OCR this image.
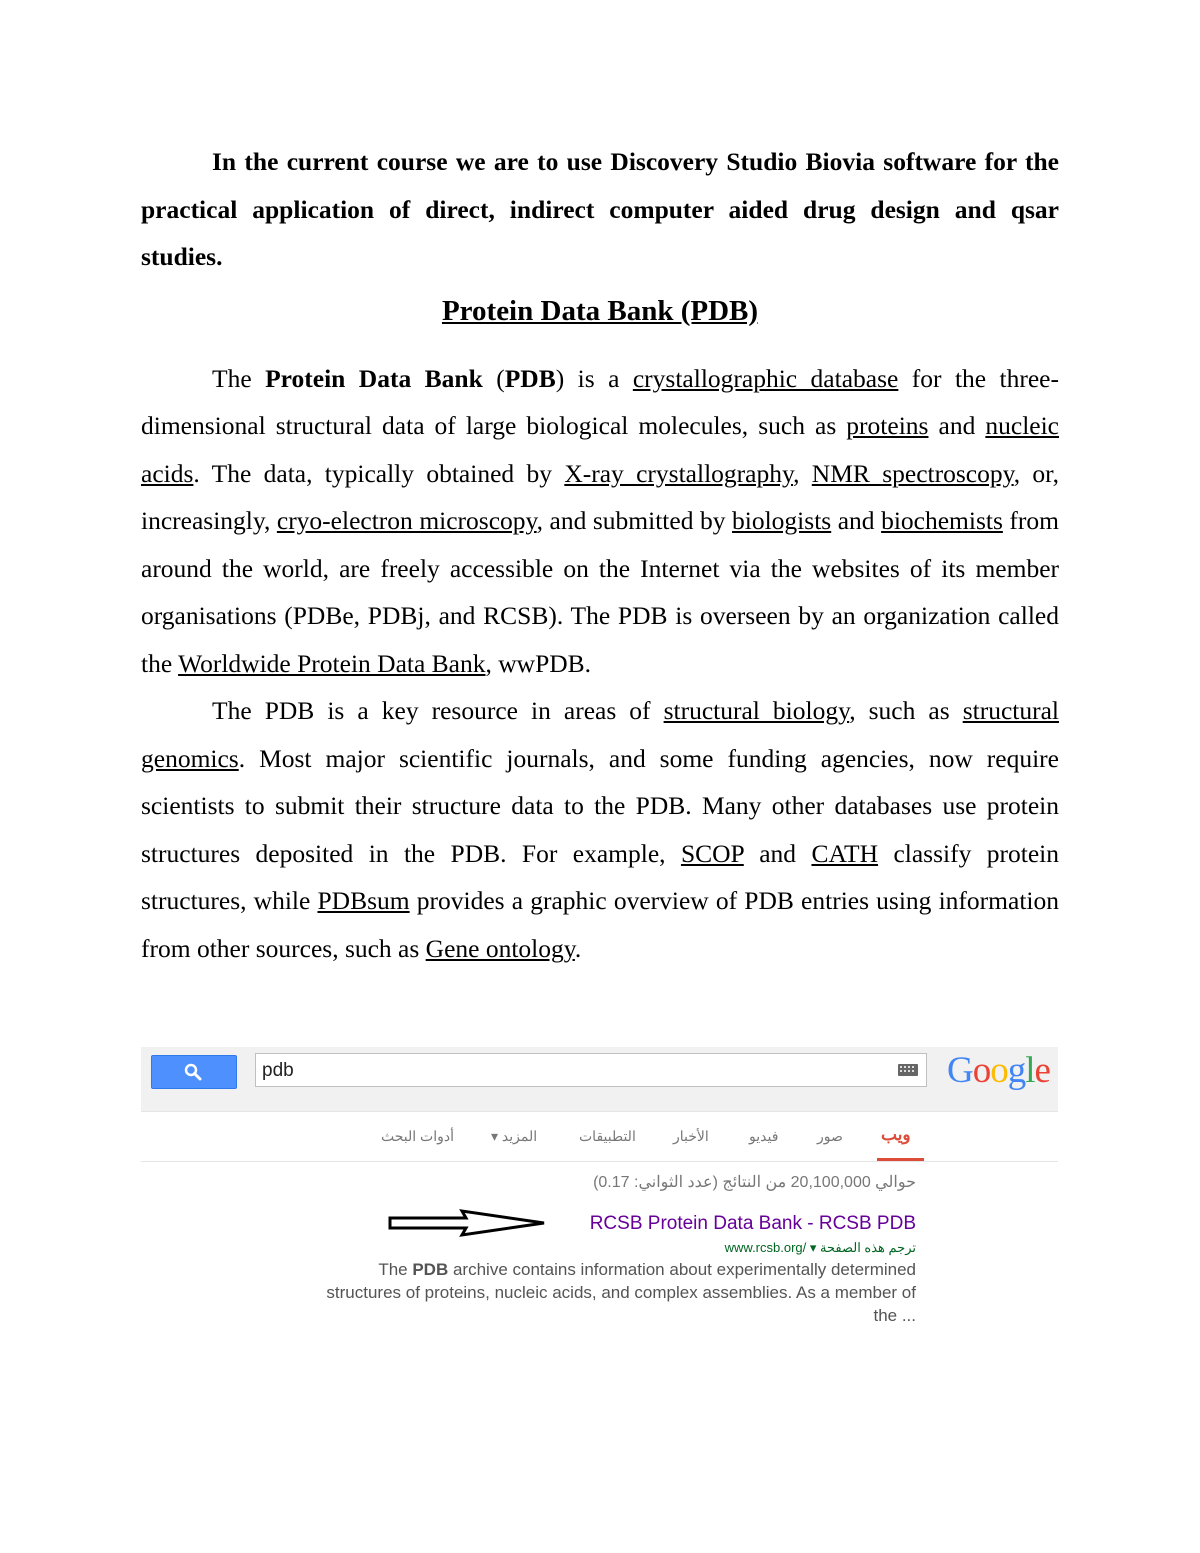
In the current course we are to use Discovery Studio Biovia software for the practical application of direct, indirect computer aided drug design and qsar studies.

Protein Data Bank (PDB)

The Protein Data Bank (PDB) is a crystallographic database for the three-dimensional structural data of large biological molecules, such as proteins and nucleic acids. The data, typically obtained by X-ray crystallography, NMR spectroscopy, or, increasingly, cryo-electron microscopy, and submitted by biologists and biochemists from around the world, are freely accessible on the Internet via the websites of its member organisations (PDBe, PDBj, and RCSB). The PDB is overseen by an organization called the Worldwide Protein Data Bank, wwPDB.

The PDB is a key resource in areas of structural biology, such as structural genomics. Most major scientific journals, and some funding agencies, now require scientists to submit their structure data to the PDB. Many other databases use protein structures deposited in the PDB. For example, SCOP and CATH classify protein structures, while PDBsum provides a graphic overview of PDB entries using information from other sources, such as Gene ontology.

pdb	Google
ويب
صور
فيديو
الأخبار
التطبيقات
المزيد ▾
أدوات البحث
حوالي 20,100,000 من النتائج (عدد الثواني: 0.17)
RCSB Protein Data Bank - RCSB PDB
www.rcsb.org/ ▾ ترجم هذه الصفحة
The PDB archive contains information about experimentally determined structures of proteins, nucleic acids, and complex assemblies. As a member of the ...
